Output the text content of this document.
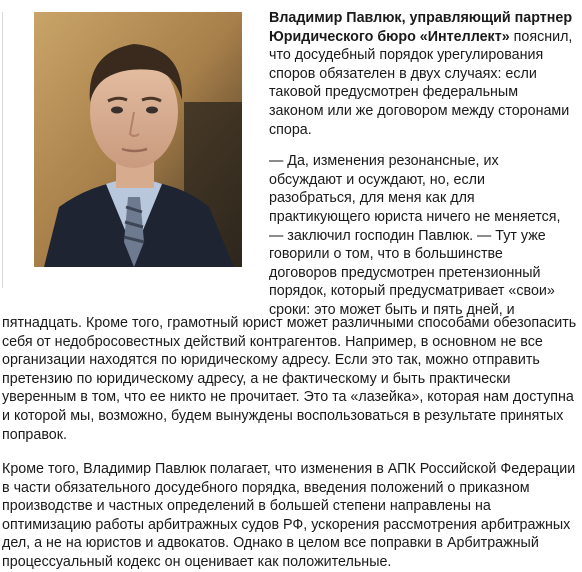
Владимир Павлюк, управляющий партнер Юридического бюро «Интеллект» пояснил, что досудебный порядок урегулирования споров обязателен в двух случаях: если таковой предусмотрен федеральным законом или же договором между сторонами спора.

— Да, изменения резонансные, их обсуждают и осуждают, но, если разобраться, для меня как для практикующего юриста ничего не меняется,— заключил господин Павлюк. — Тут уже говорили о том, что в большинстве договоров предусмотрен претензионный порядок, который предусматривает «свои» сроки: это может быть и пять дней, и

пятнадцать. Кроме того, грамотный юрист может различными способами обезопасить себя от недобросовестных действий контрагентов. Например, в основном не все организации находятся по юридическому адресу. Если это так, можно отправить претензию по юридическому адресу, а не фактическому и быть практически уверенным в том, что ее никто не прочитает. Это та «лазейка», которая нам доступна и которой мы, возможно, будем вынуждены воспользоваться в результате принятых поправок.

Кроме того, Владимир Павлюк полагает, что изменения в АПК Российской Федерации в части обязательного досудебного порядка, введения положений о приказном производстве и частных определений в большей степени направлены на оптимизацию работы арбитражных судов РФ, ускорения рассмотрения арбитражных дел, а не на юристов и адвокатов. Однако в целом все поправки в Арбитражный процессуальный кодекс он оценивает как положительные.
